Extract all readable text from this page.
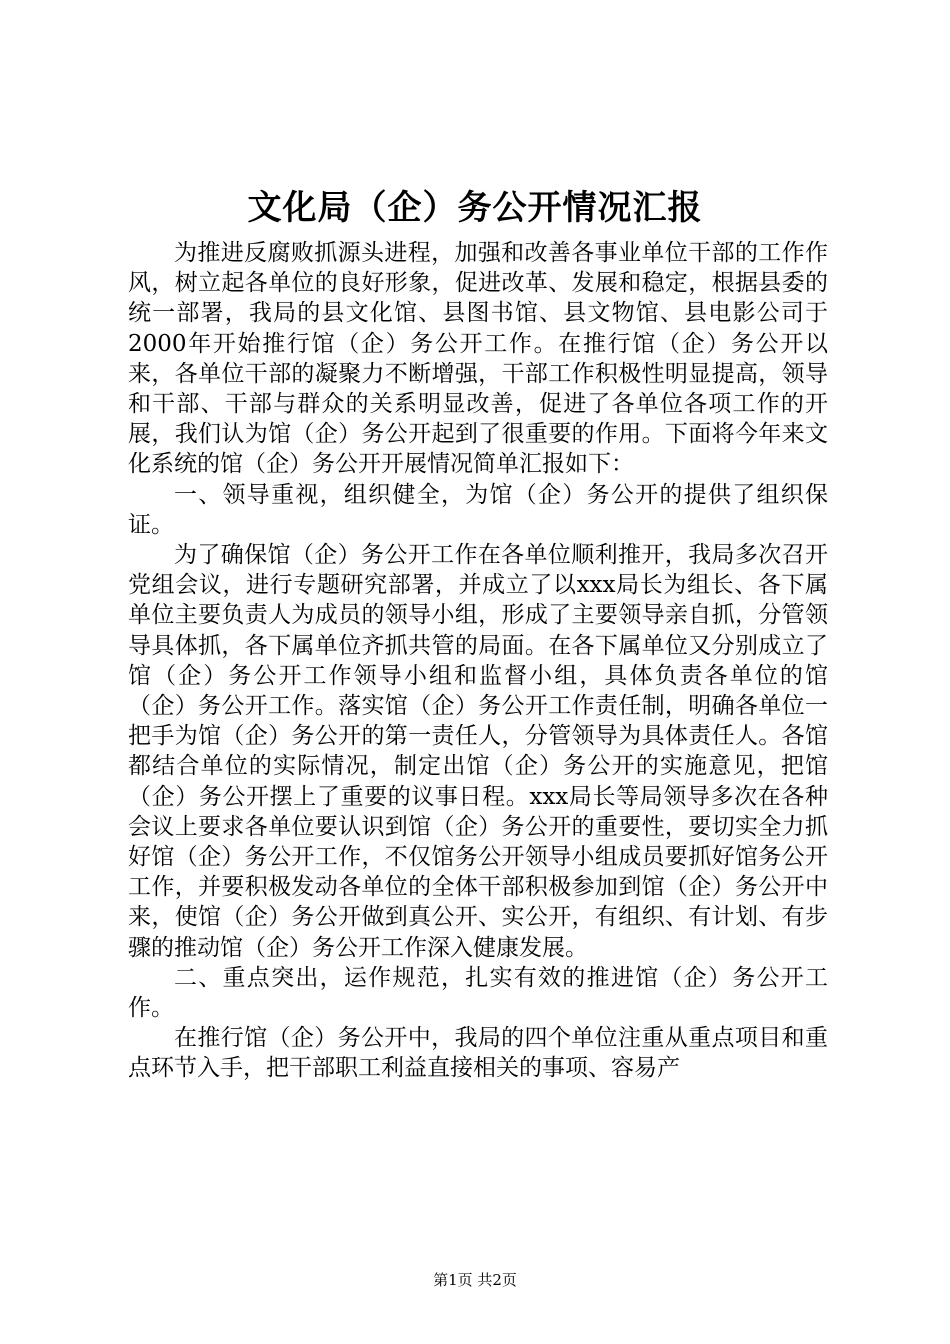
文化局（企）务公开情况汇报

为推进反腐败抓源头进程，加强和改善各事业单位干部的工作作风，树立起各单位的良好形象，促进改革、发展和稳定，根据县委的统一部署，我局的县文化馆、县图书馆、县文物馆、县电影公司于2000年开始推行馆（企）务公开工作。在推行馆（企）务公开以来，各单位干部的凝聚力不断增强，干部工作积极性明显提高，领导和干部、干部与群众的关系明显改善，促进了各单位各项工作的开展，我们认为馆（企）务公开起到了很重要的作用。下面将今年来文化系统的馆（企）务公开开展情况简单汇报如下：

一、领导重视，组织健全，为馆（企）务公开的提供了组织保证。

为了确保馆（企）务公开工作在各单位顺利推开，我局多次召开党组会议，进行专题研究部署，并成立了以xxx局长为组长、各下属单位主要负责人为成员的领导小组，形成了主要领导亲自抓，分管领导具体抓，各下属单位齐抓共管的局面。在各下属单位又分别成立了馆（企）务公开工作领导小组和监督小组，具体负责各单位的馆（企）务公开工作。落实馆（企）务公开工作责任制，明确各单位一把手为馆（企）务公开的第一责任人，分管领导为具体责任人。各馆都结合单位的实际情况，制定出馆（企）务公开的实施意见，把馆（企）务公开摆上了重要的议事日程。xxx局长等局领导多次在各种会议上要求各单位要认识到馆（企）务公开的重要性，要切实全力抓好馆（企）务公开工作，不仅馆务公开领导小组成员要抓好馆务公开工作，并要积极发动各单位的全体干部积极参加到馆（企）务公开中来，使馆（企）务公开做到真公开、实公开，有组织、有计划、有步骤的推动馆（企）务公开工作深入健康发展。

二、重点突出，运作规范，扎实有效的推进馆（企）务公开工作。

在推行馆（企）务公开中，我局的四个单位注重从重点项目和重点环节入手，把干部职工利益直接相关的事项、容易产

第1页 共2页
